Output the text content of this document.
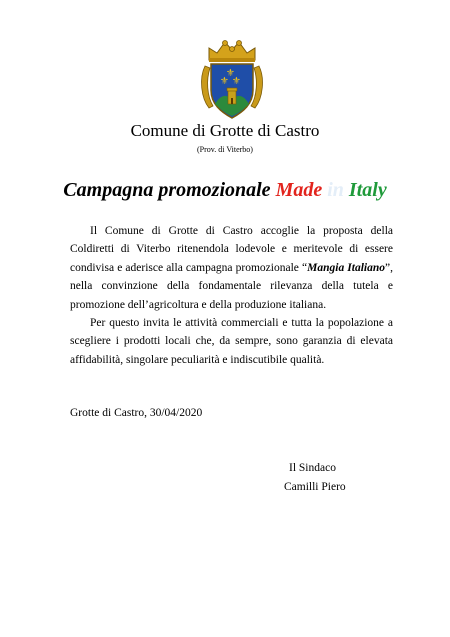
⚜ ⚜
⚜
Comune di Grotte di Castro
(Prov. di Viterbo)
Campagna promozionale Made in Italy

Il Comune di Grotte di Castro accoglie la proposta della Coldiretti di Viterbo ritenendola lodevole e meritevole di essere condivisa e aderisce alla campagna promozionale “Mangia Italiano”, nella convinzione della fondamentale rilevanza della tutela e promozione dell’agricoltura e della produzione italiana.

Per questo invita le attività commerciali e tutta la popolazione a scegliere i prodotti locali che, da sempre, sono garanzia di elevata affidabilità, singolare peculiarità e indiscutibile qualità.

Grotte di Castro, 30/04/2020
Il Sindaco
Camilli Piero
